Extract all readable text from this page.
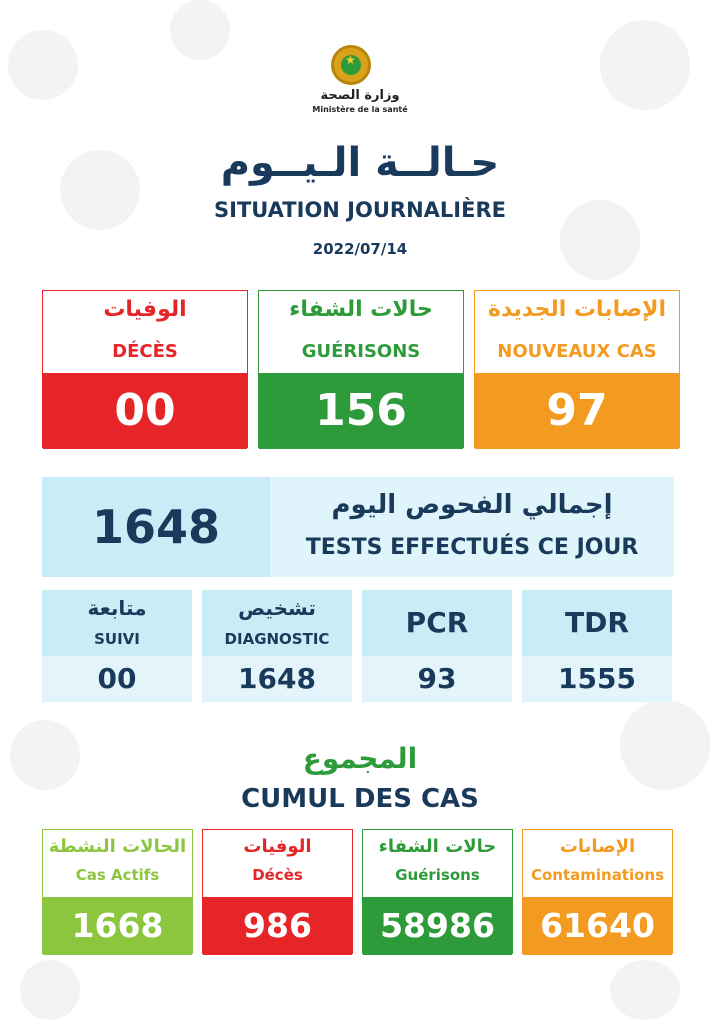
★
وزارة الصحة
Ministère de la santé
حـالــة الـيــوم
SITUATION JOURNALIÈRE
2022/07/14
الوفيات
DÉCÈS
00
حالات الشفاء
GUÉRISONS
156
الإصابات الجديدة
NOUVEAUX CAS
97
1648	إجمالي الفحوص اليوم
TESTS EFFECTUÉS CE JOUR
متابعة
SUIVI
00
تشخيص
DIAGNOSTIC
1648
PCR
93
TDR
1555
المجموع
CUMUL DES CAS
الحالات النشطة
Cas Actifs
1668
الوفيات
Décès
986
حالات الشفاء
Guérisons
58986
الإصابات
Contaminations
61640
